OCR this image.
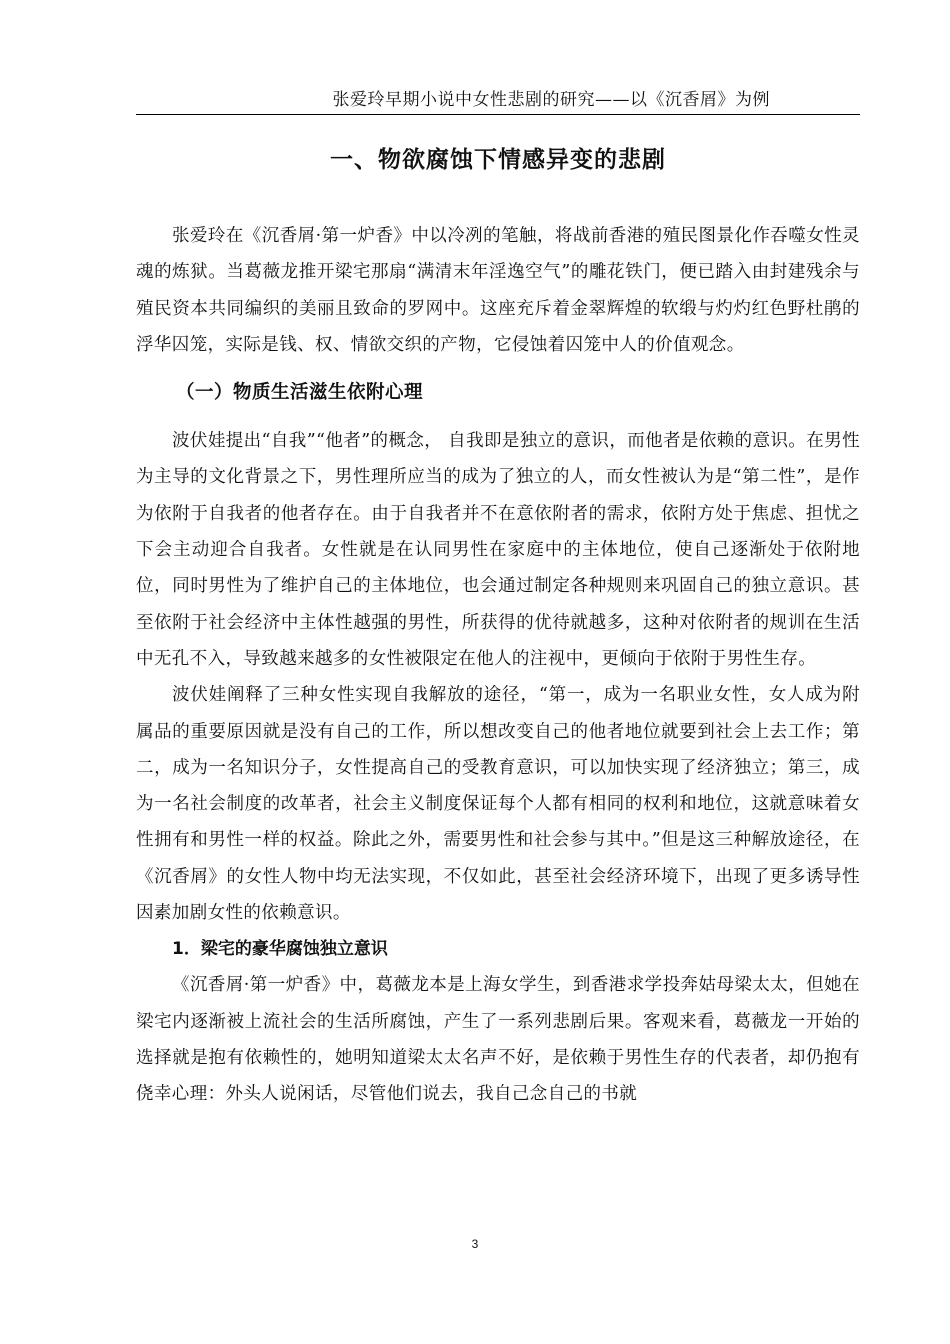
张爱玲早期小说中女性悲剧的研究——以《沉香屑》为例
一、物欲腐蚀下情感异变的悲剧

张爱玲在《沉香屑·第一炉香》中以冷冽的笔触，将战前香港的殖民图景化作吞噬女性灵魂的炼狱。当葛薇龙推开梁宅那扇“满清末年淫逸空气”的雕花铁门，便已踏入由封建残余与殖民资本共同编织的美丽且致命的罗网中。这座充斥着金翠辉煌的软缎与灼灼红色野杜鹃的浮华囚笼，实际是钱、权、情欲交织的产物，它侵蚀着囚笼中人的价值观念。

（一）物质生活滋生依附心理

波伏娃提出“自我”“他者”的概念， 自我即是独立的意识，而他者是依赖的意识。在男性为主导的文化背景之下，男性理所应当的成为了独立的人，而女性被认为是“第二性”，是作为依附于自我者的他者存在。由于自我者并不在意依附者的需求，依附方处于焦虑、担忧之下会主动迎合自我者。女性就是在认同男性在家庭中的主体地位，使自己逐渐处于依附地位，同时男性为了维护自己的主体地位，也会通过制定各种规则来巩固自己的独立意识。甚至依附于社会经济中主体性越强的男性，所获得的优待就越多，这种对依附者的规训在生活中无孔不入，导致越来越多的女性被限定在他人的注视中，更倾向于依附于男性生存。

波伏娃阐释了三种女性实现自我解放的途径，“第一，成为一名职业女性，女人成为附属品的重要原因就是没有自己的工作，所以想改变自己的他者地位就要到社会上去工作；第二，成为一名知识分子，女性提高自己的受教育意识，可以加快实现了经济独立；第三，成为一名社会制度的改革者，社会主义制度保证每个人都有相同的权利和地位，这就意味着女性拥有和男性一样的权益。除此之外，需要男性和社会参与其中。”但是这三种解放途径，在《沉香屑》的女性人物中均无法实现，不仅如此，甚至社会经济环境下，出现了更多诱导性因素加剧女性的依赖意识。

1．梁宅的豪华腐蚀独立意识

《沉香屑·第一炉香》中，葛薇龙本是上海女学生，到香港求学投奔姑母梁太太，但她在梁宅内逐渐被上流社会的生活所腐蚀，产生了一系列悲剧后果。客观来看，葛薇龙一开始的选择就是抱有依赖性的，她明知道梁太太名声不好，是依赖于男性生存的代表者，却仍抱有侥幸心理：外头人说闲话，尽管他们说去，我自己念自己的书就

3
